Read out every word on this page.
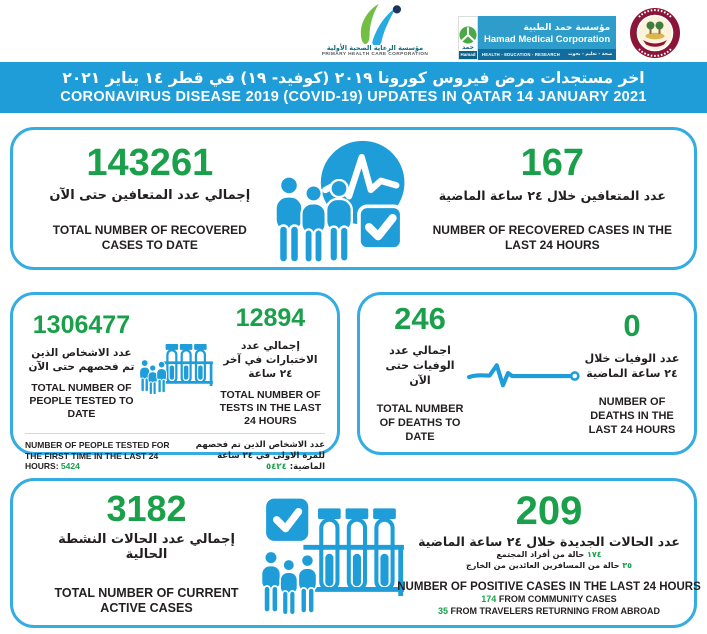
مؤسسة الرعاية الصحية الأولية
PRIMARY HEALTH CARE CORPORATION
حمد
Hamad
مؤسسة حمد الطبية
Hamad Medical Corporation
HEALTH - EDUCATION - RESEARCH صحة - تعليم - بحوث
اخر مستجدات مرض فيروس كورونا ٢٠١٩ (كوفيد- ١٩) في قطر ١٤ يناير ٢٠٢١
CORONAVIRUS DISEASE 2019 (COVID-19) UPDATES IN QATAR 14 JANUARY 2021
143261
إجمالي عدد المتعافين حتى الآن
TOTAL NUMBER OF RECOVERED CASES TO DATE
167
عدد المتعافين خلال ٢٤ ساعة الماضية
NUMBER OF RECOVERED CASES IN THE LAST 24 HOURS
1306477
عدد الاشخاص الذين تم فحصهم حتى الآن
TOTAL NUMBER OF PEOPLE TESTED TO DATE
12894
إجمالي عدد الاختبارات في آخر ٢٤ ساعة
TOTAL NUMBER OF TESTS IN THE LAST 24 HOURS
NUMBER OF PEOPLE TESTED FOR THE FIRST TIME IN THE LAST 24 HOURS: 5424
عدد الاشخاص الذين تم فحصهم للمرة الاولى في ٢٤ ساعة الماضية: ٥٤٢٤
246
اجمالي عدد الوفيات حتى الآن
TOTAL NUMBER OF DEATHS TO DATE
0
عدد الوفيات خلال ٢٤ ساعة الماضية
NUMBER OF DEATHS IN THE LAST 24 HOURS
3182
إجمالي عدد الحالات النشطة الحالية
TOTAL NUMBER OF CURRENT ACTIVE CASES
209
عدد الحالات الجديدة خلال ٢٤ ساعة الماضية
١٧٤ حالة من أفراد المجتمع
٣٥ حالة من المسافرين العائدين من الخارج
NUMBER OF POSITIVE CASES IN THE LAST 24 HOURS
174 FROM COMMUNITY CASES
35 FROM TRAVELERS RETURNING FROM ABROAD
